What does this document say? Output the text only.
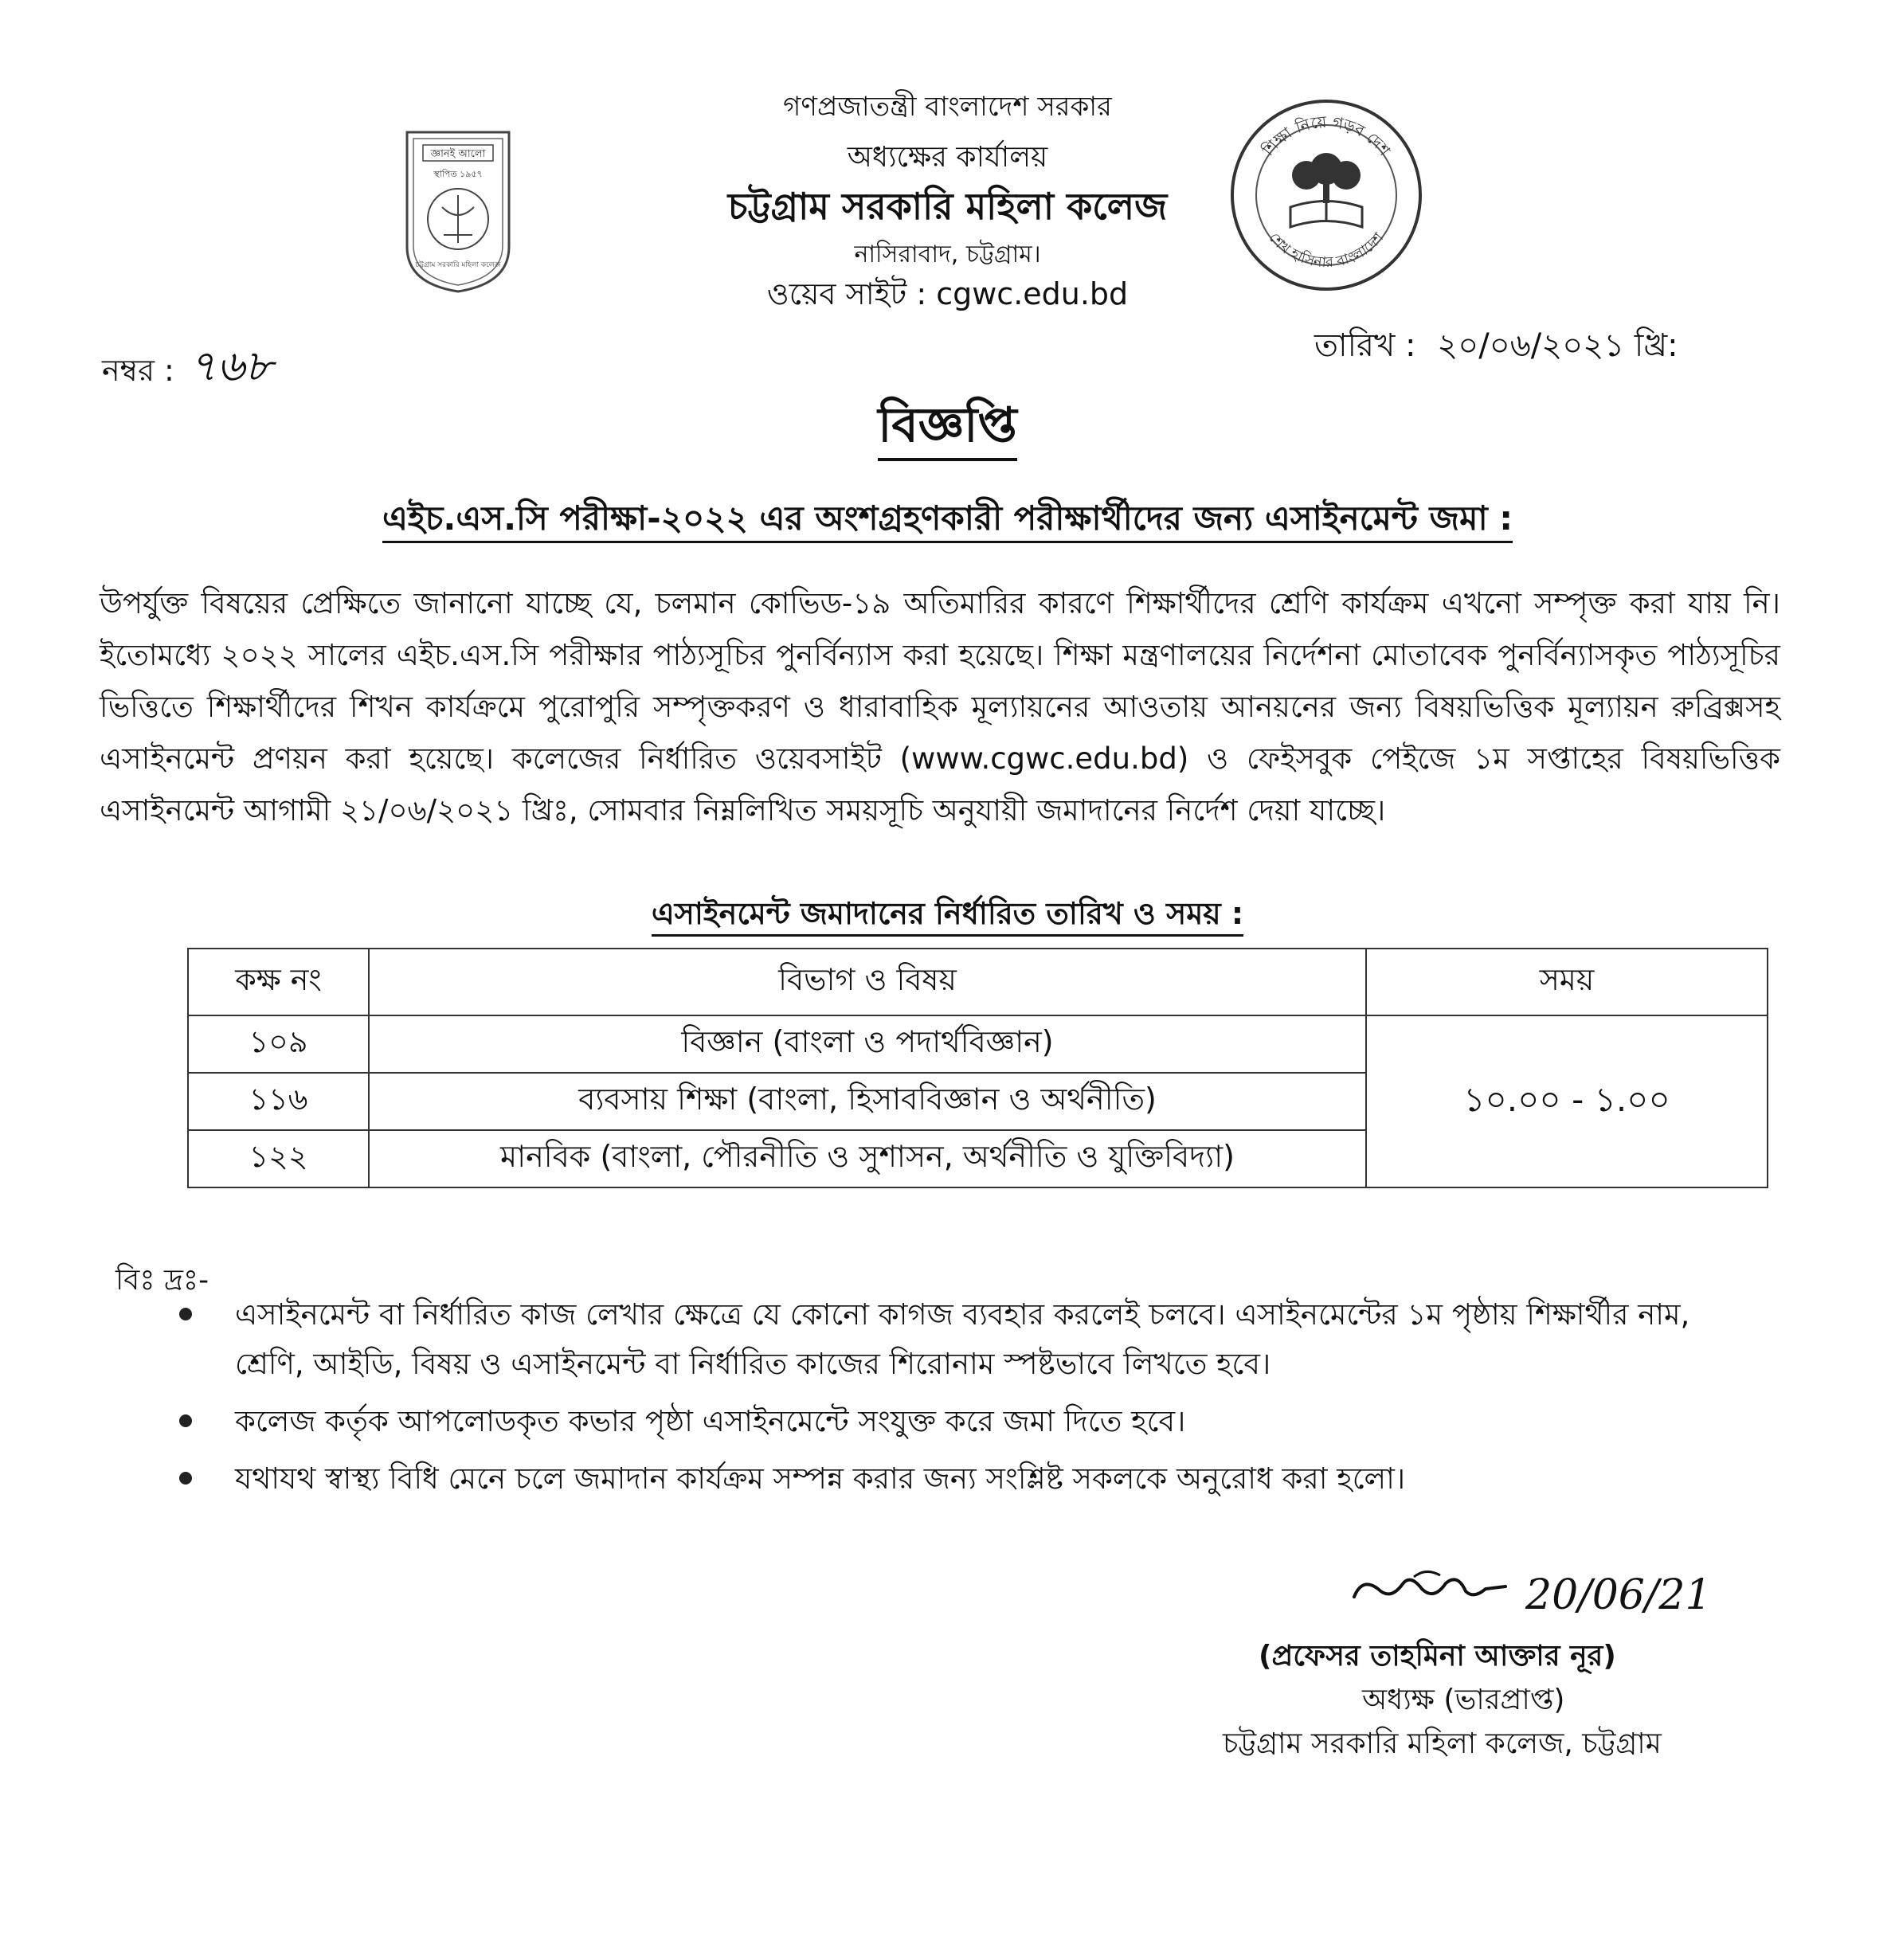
গণপ্রজাতন্ত্রী বাংলাদেশ সরকার
অধ্যক্ষের কার্যালয়
চট্টগ্রাম সরকারি মহিলা কলেজ
নাসিরাবাদ, চট্টগ্রাম।
ওয়েব সাইট : cgwc.edu.bd
জ্ঞানই আলো
স্থাপিত ১৯৫৭
চট্টগ্রাম সরকারি মহিলা কলেজ
শিক্ষা নিয়ে গড়ব দেশ
শেখ হাসিনার বাংলাদেশ
নম্বর : ৭৬৮	তারিখ : ২০/০৬/২০২১ খ্রি:
বিজ্ঞপ্তি
এইচ.এস.সি পরীক্ষা-২০২২ এর অংশগ্রহণকারী পরীক্ষার্থীদের জন্য এসাইনমেন্ট জমা :
উপর্যুক্ত বিষয়ের প্রেক্ষিতে জানানো যাচ্ছে যে, চলমান কোভিড-১৯ অতিমারির কারণে শিক্ষার্থীদের শ্রেণি কার্যক্রম এখনো সম্পৃক্ত করা যায় নি। ইতোমধ্যে ২০২২ সালের এইচ.এস.সি পরীক্ষার পাঠ্যসূচির পুনর্বিন্যাস করা হয়েছে। শিক্ষা মন্ত্রণালয়ের নির্দেশনা মোতাবেক পুনর্বিন্যাসকৃত পাঠ্যসূচির ভিত্তিতে শিক্ষার্থীদের শিখন কার্যক্রমে পুরোপুরি সম্পৃক্তকরণ ও ধারাবাহিক মূল্যায়নের আওতায় আনয়নের জন্য বিষয়ভিত্তিক মূল্যায়ন রুব্রিক্সসহ এসাইনমেন্ট প্রণয়ন করা হয়েছে। কলেজের নির্ধারিত ওয়েবসাইট (www.cgwc.edu.bd) ও ফেইসবুক পেইজে ১ম সপ্তাহের বিষয়ভিত্তিক এসাইনমেন্ট আগামী ২১/০৬/২০২১ খ্রিঃ, সোমবার নিম্নলিখিত সময়সূচি অনুযায়ী জমাদানের নির্দেশ দেয়া যাচ্ছে।
এসাইনমেন্ট জমাদানের নির্ধারিত তারিখ ও সময় :
কক্ষ নং	বিভাগ ও বিষয়	সময়
১০৯	বিজ্ঞান (বাংলা ও পদার্থবিজ্ঞান)	১০.০০ - ১.০০
১১৬	ব্যবসায় শিক্ষা (বাংলা, হিসাববিজ্ঞান ও অর্থনীতি)	
১২২	মানবিক (বাংলা, পৌরনীতি ও সুশাসন, অর্থনীতি ও যুক্তিবিদ্যা)	
বিঃ দ্রঃ-
এসাইনমেন্ট বা নির্ধারিত কাজ লেখার ক্ষেত্রে যে কোনো কাগজ ব্যবহার করলেই চলবে। এসাইনমেন্টের ১ম পৃষ্ঠায় শিক্ষার্থীর নাম, শ্রেণি, আইডি, বিষয় ও এসাইনমেন্ট বা নির্ধারিত কাজের শিরোনাম স্পষ্টভাবে লিখতে হবে।
কলেজ কর্তৃক আপলোডকৃত কভার পৃষ্ঠা এসাইনমেন্টে সংযুক্ত করে জমা দিতে হবে।
যথাযথ স্বাস্থ্য বিধি মেনে চলে জমাদান কার্যক্রম সম্পন্ন করার জন্য সংশ্লিষ্ট সকলকে অনুরোধ করা হলো।
20/06/21
(প্রফেসর তাহমিনা আক্তার নূর)
অধ্যক্ষ (ভারপ্রাপ্ত)
চট্টগ্রাম সরকারি মহিলা কলেজ, চট্টগ্রাম
